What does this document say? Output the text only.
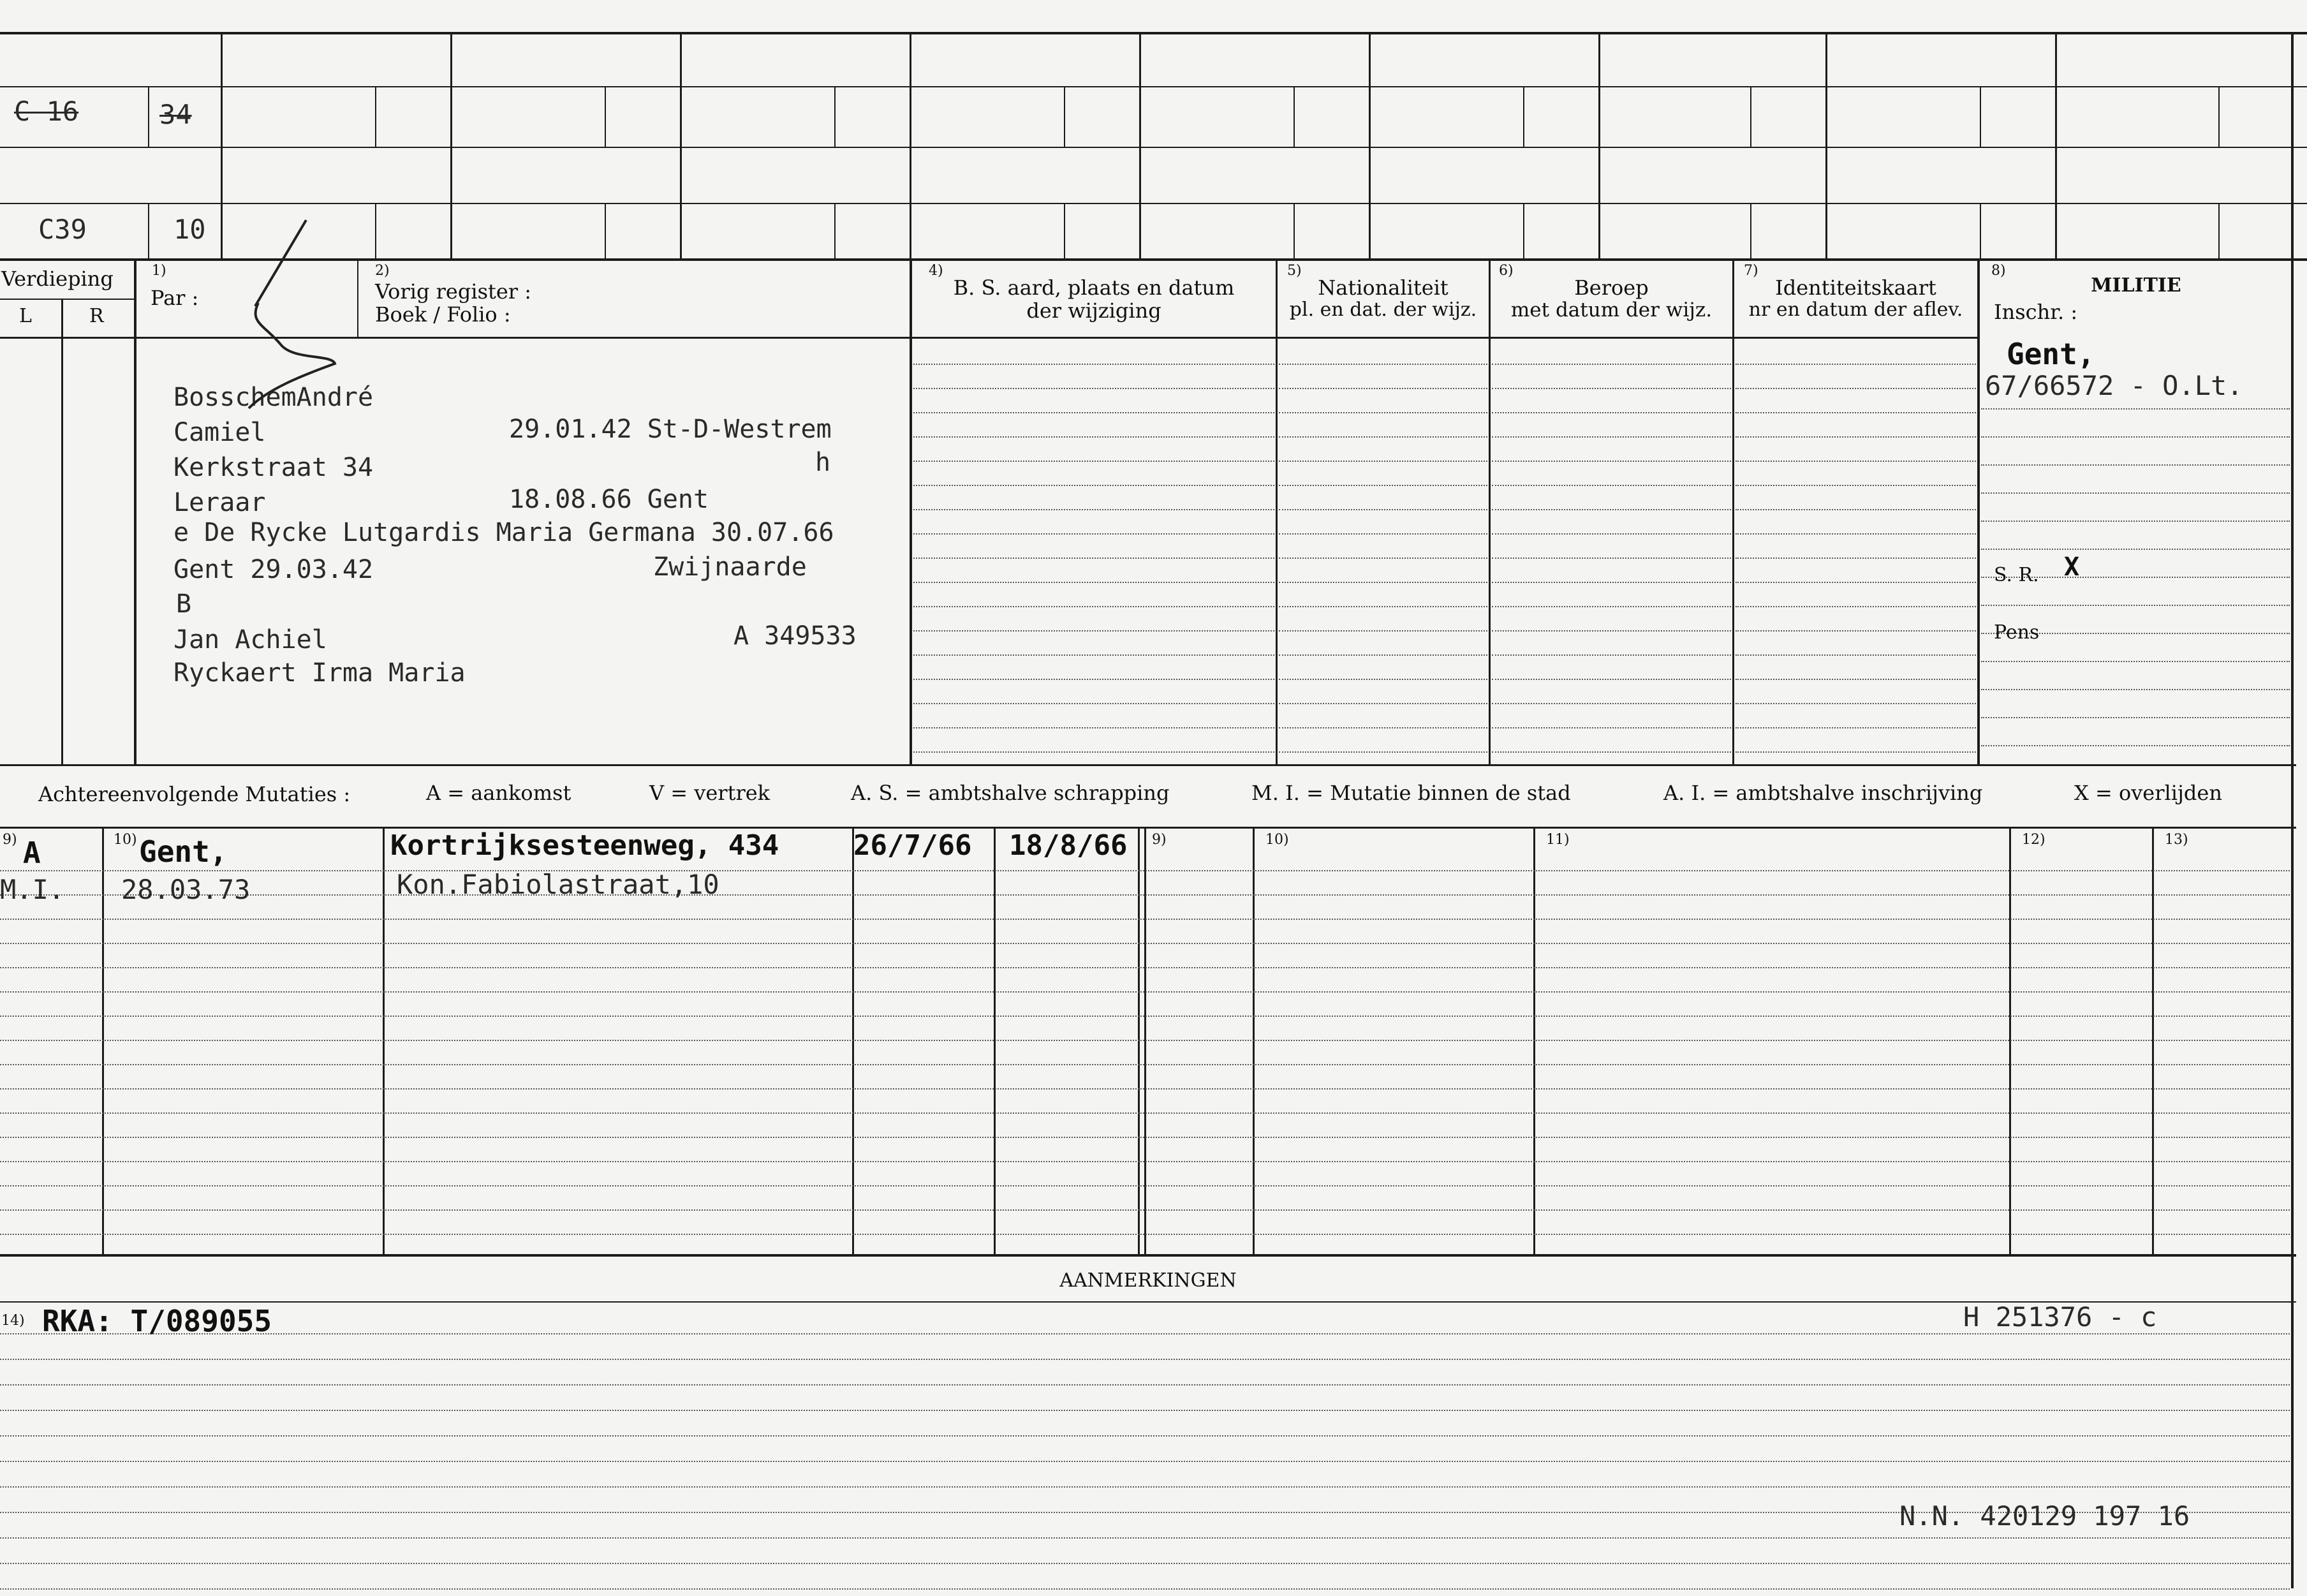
C 16	34
C39	10
Verdieping
L	R
1)
Par :
2)
Vorig register :
Boek / Folio :
4)
B. S. aard, plaats en datum
der wijziging
5)
Nationaliteit
pl. en dat. der wijz.
6)
Beroep
met datum der wijz.
7)
Identiteitskaart
nr en datum der aflev.
8)
MILITIE
Inschr. :
Gent,
67/66572 - O.Lt.
S. R. X
Pens
BosschemAndré
Camiel	29.01.42 St-D-Westrem
h
Kerkstraat 34
Leraar	18.08.66 Gent
e De Rycke Lutgardis Maria Germana 30.07.66
Gent 29.03.42	Zwijnaarde
B
Jan Achiel	A 349533
Ryckaert Irma Maria
Achtereenvolgende Mutaties :	A = aankomst	V = vertrek	A. S. = ambtshalve schrapping	M. I. = Mutatie binnen de stad	A. I. = ambtshalve inschrijving	X = overlijden
9)	10)	9)	10)	11)	12)	13)
A	Gent,	Kortrijksesteenweg, 434	26/7/66 18/8/66
M.I. 28.03.73	Kon.Fabiolastraat,10
AANMERKINGEN
14) RKA: T/089055	H 251376 - c
N.N. 420129 197 16
